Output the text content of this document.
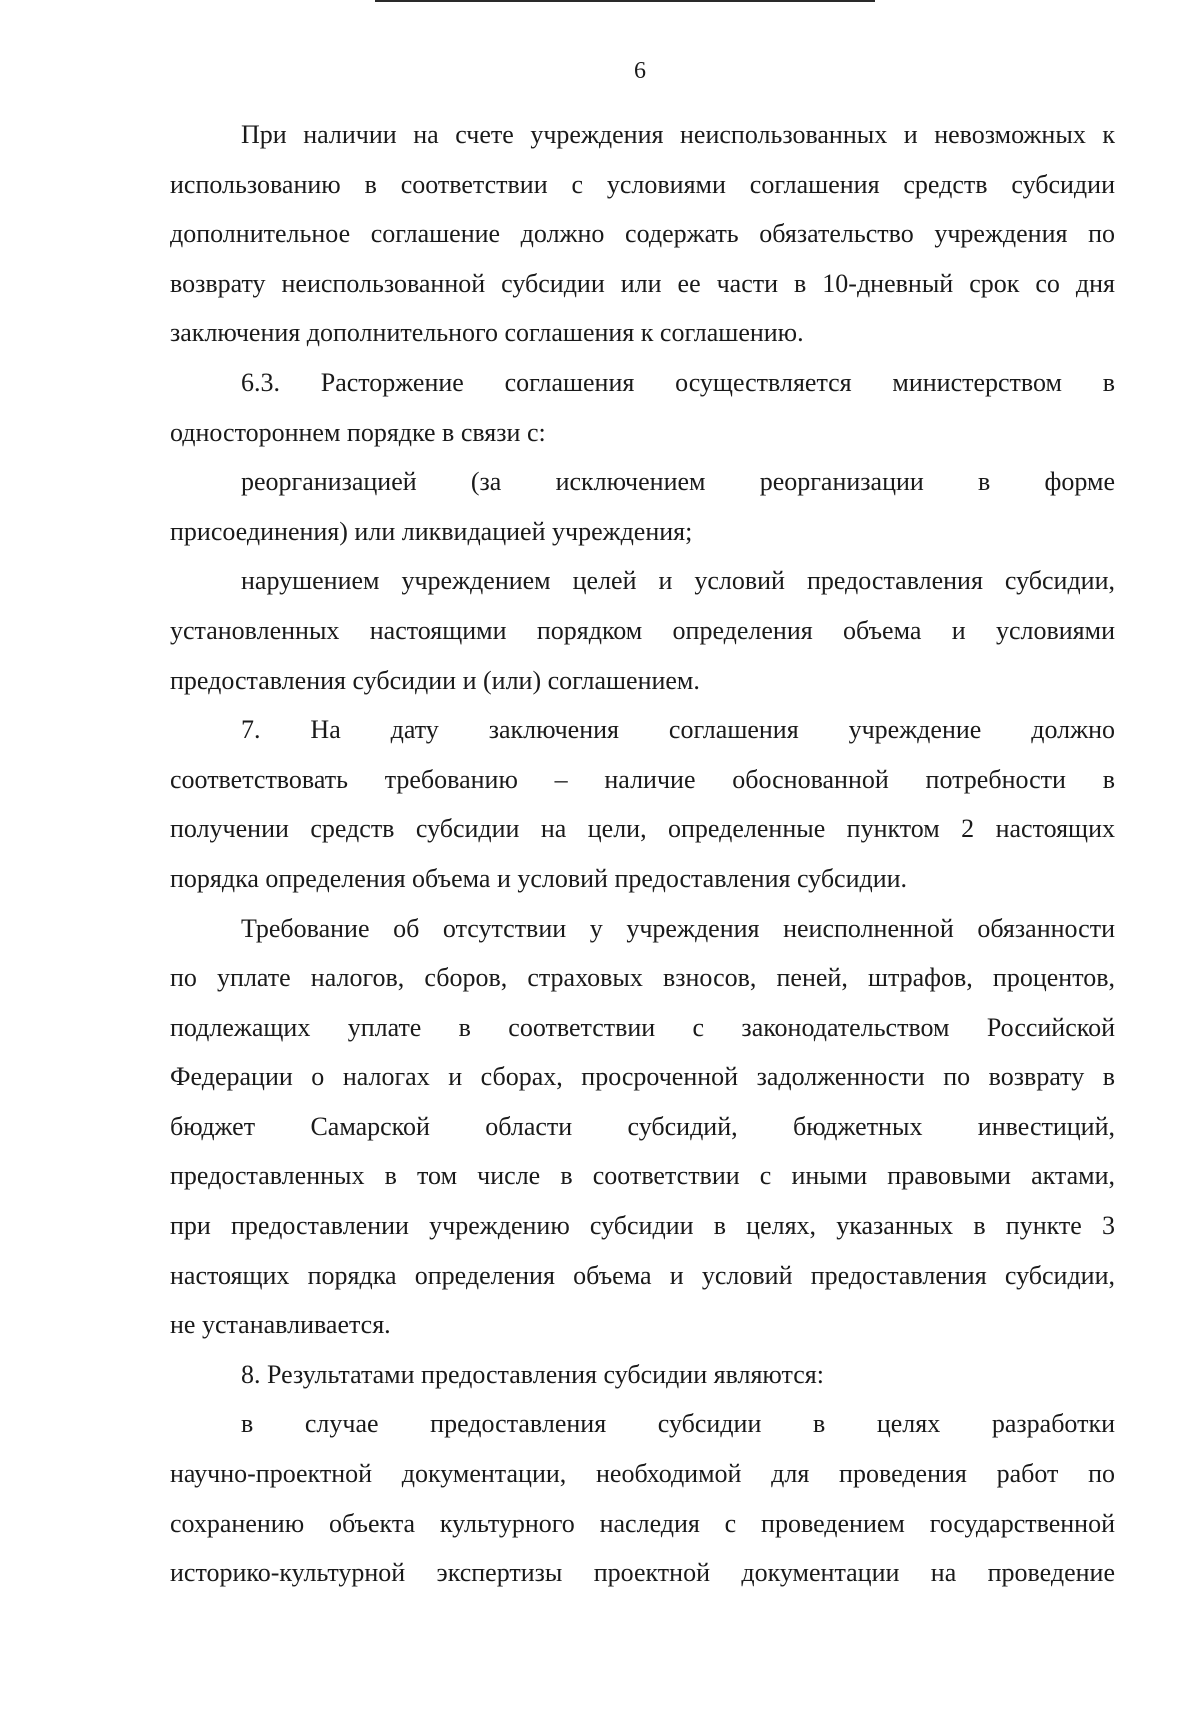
6

При наличии на счете учреждения неиспользованных и невозможных к

использованию в соответствии с условиями соглашения средств субсидии

дополнительное соглашение должно содержать обязательство учреждения по

возврату неиспользованной субсидии или ее части в 10-дневный срок со дня

заключения дополнительного соглашения к соглашению.

6.3. Расторжение соглашения осуществляется министерством в

одностороннем порядке в связи с:

реорганизацией (за исключением реорганизации в форме

присоединения) или ликвидацией учреждения;

нарушением учреждением целей и условий предоставления субсидии,

установленных настоящими порядком определения объема и условиями

предоставления субсидии и (или) соглашением.

7. На дату заключения соглашения учреждение должно

соответствовать требованию – наличие обоснованной потребности в

получении средств субсидии на цели, определенные пунктом 2 настоящих

порядка определения объема и условий предоставления субсидии.

Требование об отсутствии у учреждения неисполненной обязанности

по уплате налогов, сборов, страховых взносов, пеней, штрафов, процентов,

подлежащих уплате в соответствии с законодательством Российской

Федерации о налогах и сборах, просроченной задолженности по возврату в

бюджет Самарской области субсидий, бюджетных инвестиций,

предоставленных в том числе в соответствии с иными правовыми актами,

при предоставлении учреждению субсидии в целях, указанных в пункте 3

настоящих порядка определения объема и условий предоставления субсидии,

не устанавливается.

8. Результатами предоставления субсидии являются:

в случае предоставления субсидии в целях разработки

научно-проектной документации, необходимой для проведения работ по

сохранению объекта культурного наследия с проведением государственной

историко-культурной экспертизы проектной документации на проведение
